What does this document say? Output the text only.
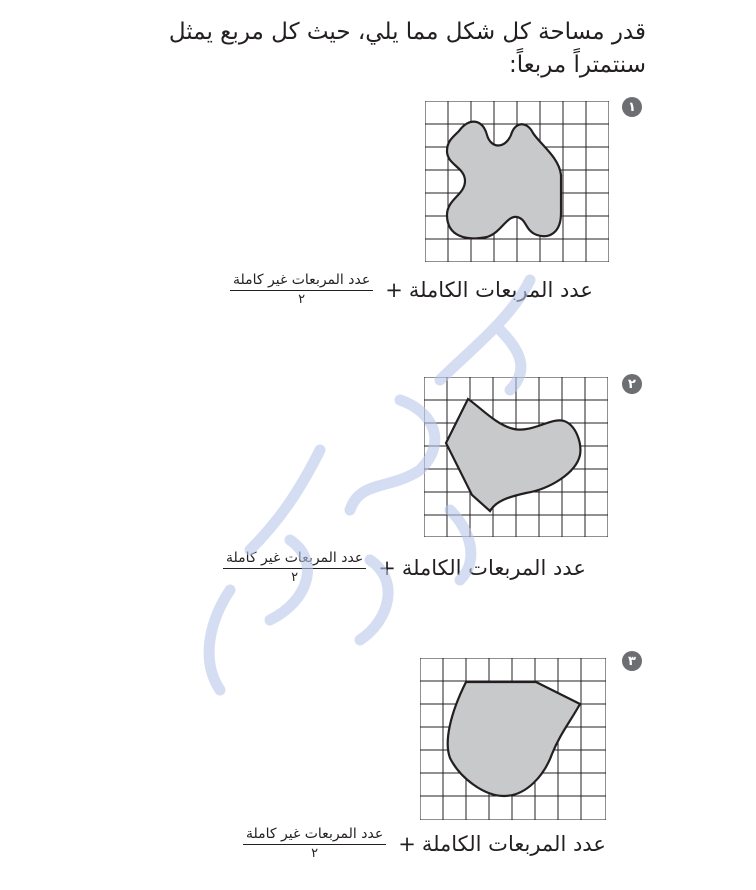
قدر مساحة كل شكل مما يلي، حيث كل مربع يمثل سنتمتراً مربعاً:

١
عدد المربعات الكاملة
+
$\frac{\text{عدد المربعات غير كاملة}}{٢}$
٢
عدد المربعات الكاملة
+
$\frac{\text{عدد المربعات غير كاملة}}{٢}$
٣
عدد المربعات الكاملة
+
$\frac{\text{عدد المربعات غير كاملة}}{٢}$
